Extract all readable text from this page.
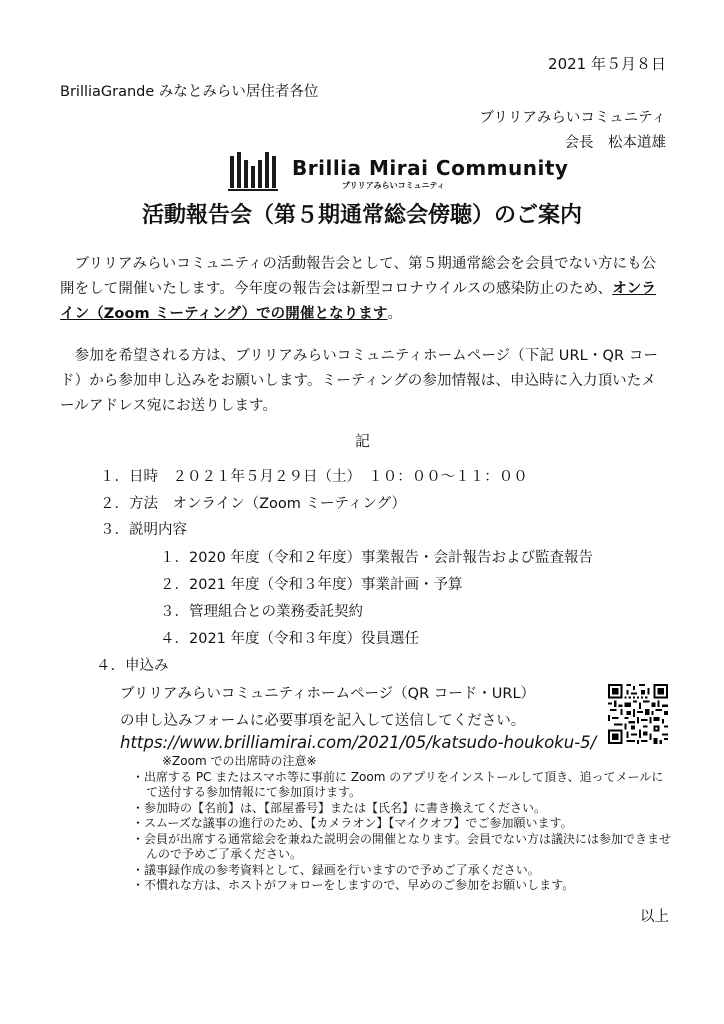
2021 年５月８日
BrilliaGrande みなとみらい居住者各位
ブリリアみらいコミュニティ
会長　松本道雄
Brillia Mirai Community
ブリリアみらいコミュニティ
活動報告会（第５期通常総会傍聴）のご案内
　ブリリアみらいコミュニティの活動報告会として、第５期通常総会を会員でない方にも公開をして開催いたします。今年度の報告会は新型コロナウイルスの感染防止のため、オンライン（Zoom ミーティング）での開催となります。
　参加を希望される方は、ブリリアみらいコミュニティホームページ（下記 URL・QR コード）から参加申し込みをお願いします。ミーティングの参加情報は、申込時に入力頂いたメールアドレス宛にお送りします。
記
１．日時　２０２１年５月２９日（土）　１０：００～１１：００
２．方法　オンライン（Zoom ミーティング）
３．説明内容
１．2020 年度（令和２年度）事業報告・会計報告および監査報告
２．2021 年度（令和３年度）事業計画・予算
３．管理組合との業務委託契約
４．2021 年度（令和３年度）役員選任
４．申込み
ブリリアみらいコミュニティホームページ（QR コード・URL）
の申し込みフォームに必要事項を記入して送信してください。
https://www.brilliamirai.com/2021/05/katsudo-houkoku-5/
※Zoom での出席時の注意※
・出席する PC またはスマホ等に事前に Zoom のアプリをインストールして頂き、追ってメールにて送付する参加情報にて参加頂けます。
・参加時の【名前】は、【部屋番号】または【氏名】に書き換えてください。
・スムーズな議事の進行のため、【カメラオン】【マイクオフ】でご参加願います。
・会員が出席する通常総会を兼ねた説明会の開催となります。会員でない方は議決には参加できませんので予めご了承ください。
・議事録作成の参考資料として、録画を行いますので予めご了承ください。
・不慣れな方は、ホストがフォローをしますので、早めのご参加をお願いします。
以上
